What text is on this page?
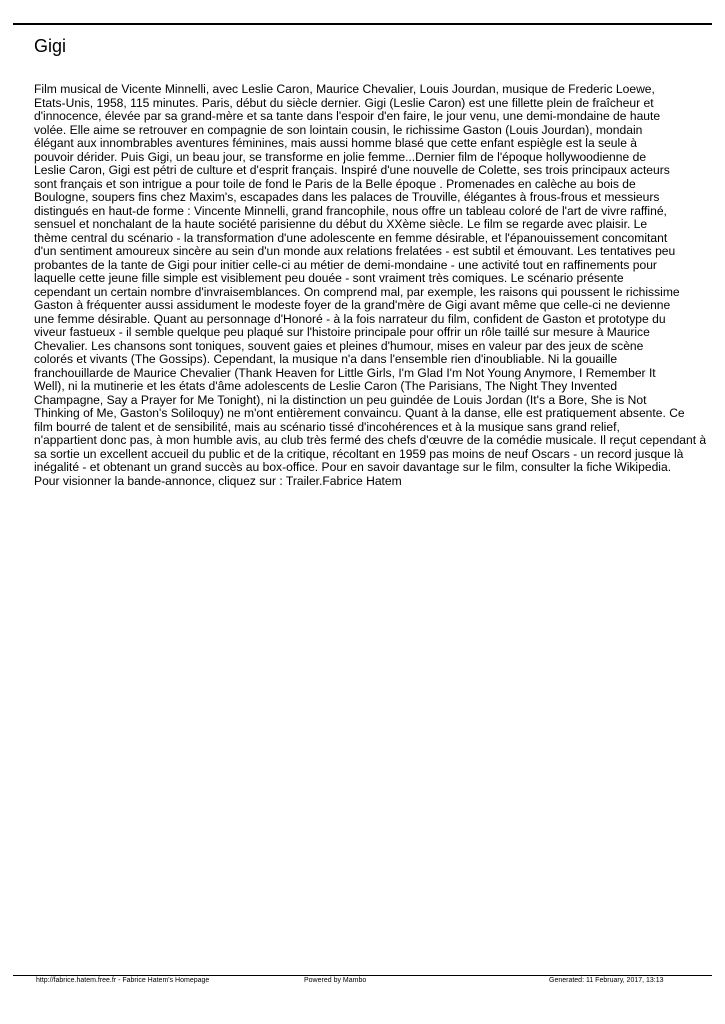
Gigi
Film musical de Vicente Minnelli, avec Leslie Caron, Maurice Chevalier, Louis Jourdan, musique de Frederic Loewe,
Etats-Unis, 1958, 115 minutes. Paris, début du siècle dernier. Gigi (Leslie Caron) est une fillette plein de fraîcheur et
d'innocence, élevée par sa grand-mère et sa tante dans l'espoir d'en faire, le jour venu, une demi-mondaine de haute
volée. Elle aime se retrouver en compagnie de son lointain cousin, le richissime Gaston (Louis Jourdan), mondain
élégant aux innombrables aventures féminines, mais aussi homme blasé que cette enfant espiègle est la seule à
pouvoir dérider. Puis Gigi, un beau jour, se transforme en jolie femme...Dernier film de l'époque hollywoodienne de
Leslie Caron, Gigi est pétri de culture et d'esprit français. Inspiré d'une nouvelle de Colette, ses trois principaux acteurs
sont français et son intrigue a pour toile de fond le Paris de la Belle époque . Promenades en calèche au bois de
Boulogne, soupers fins chez Maxim's, escapades dans les palaces de Trouville, élégantes à frous-frous et messieurs
distingués en haut-de forme : Vincente Minnelli, grand francophile, nous offre un tableau coloré de l'art de vivre raffiné,
sensuel et nonchalant de la haute société parisienne du début du XXème siècle. Le film se regarde avec plaisir. Le
thème central du scénario - la transformation d'une adolescente en femme désirable, et l'épanouissement concomitant
d'un sentiment amoureux sincère au sein d'un monde aux relations frelatées - est subtil et émouvant. Les tentatives peu
probantes de la tante de Gigi pour initier celle-ci au métier de demi-mondaine - une activité tout en raffinements pour
laquelle cette jeune fille simple est visiblement peu douée - sont vraiment très comiques. Le scénario présente
cependant un certain nombre d'invraisemblances. On comprend mal, par exemple, les raisons qui poussent le richissime
Gaston à fréquenter aussi assidument le modeste foyer de la grand'mère de Gigi avant même que celle-ci ne devienne
une femme désirable. Quant au personnage d'Honoré - à la fois narrateur du film, confident de Gaston et prototype du
viveur fastueux - il semble quelque peu plaqué sur l'histoire principale pour offrir un rôle taillé sur mesure à Maurice
Chevalier. Les chansons sont toniques, souvent gaies et pleines d'humour, mises en valeur par des jeux de scène
colorés et vivants (The Gossips). Cependant, la musique n'a dans l'ensemble rien d'inoubliable. Ni la gouaille
franchouillarde de Maurice Chevalier (Thank Heaven for Little Girls, I'm Glad I'm Not Young Anymore, I Remember It
Well), ni la mutinerie et les états d'âme adolescents de Leslie Caron (The Parisians, The Night They Invented
Champagne, Say a Prayer for Me Tonight), ni la distinction un peu guindée de Louis Jordan (It's a Bore, She is Not
Thinking of Me, Gaston's Soliloquy) ne m'ont entièrement convaincu. Quant à la danse, elle est pratiquement absente. Ce
film bourré de talent et de sensibilité, mais au scénario tissé d'incohérences et à la musique sans grand relief,
n'appartient donc pas, à mon humble avis, au club très fermé des chefs d'œuvre de la comédie musicale. Il reçut cependant à
sa sortie un excellent accueil du public et de la critique, récoltant en 1959 pas moins de neuf Oscars - un record jusque là
inégalité - et obtenant un grand succès au box-office. Pour en savoir davantage sur le film, consulter la fiche Wikipedia.
Pour visionner la bande-annonce, cliquez sur : Trailer.Fabrice Hatem
http://fabrice.hatem.free.fr - Fabrice Hatem's Homepage	Powered by Mambo	Generated: 11 February, 2017, 13:13
